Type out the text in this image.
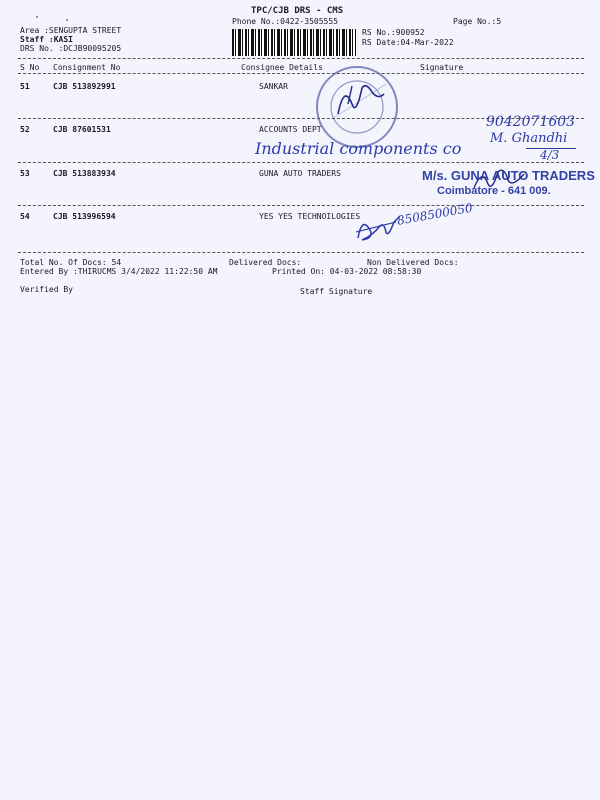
TPC/CJB DRS - CMS
Phone No.:0422-3505555	Page No.:5
Area :SENGUPTA STREET
Staff :KASI
DRS No. :DCJB90095205
RS No.:900952
RS Date:04-Mar-2022
S No Consignment No	Consignee Details	Signature
51	CJB 513892991	SANKAR
52	CJB 87601531	ACCOUNTS DEPT
Industrial components co
9042071603
M. Ghandhi
4/3
53	CJB 513883934	GUNA AUTO TRADERS	M/s. GUNA AUTO TRADERS
Coimbatore - 641 009.
54	CJB 513996594	YES YES TECHNOILOGIES	8508500050
Total No. Of Docs: 54	Delivered Docs:	Non Delivered Docs:
Entered By :THIRUCMS 3/4/2022 11:22:50 AM	Printed On: 04-03-2022 08:58:30
Verified By	Staff Signature
